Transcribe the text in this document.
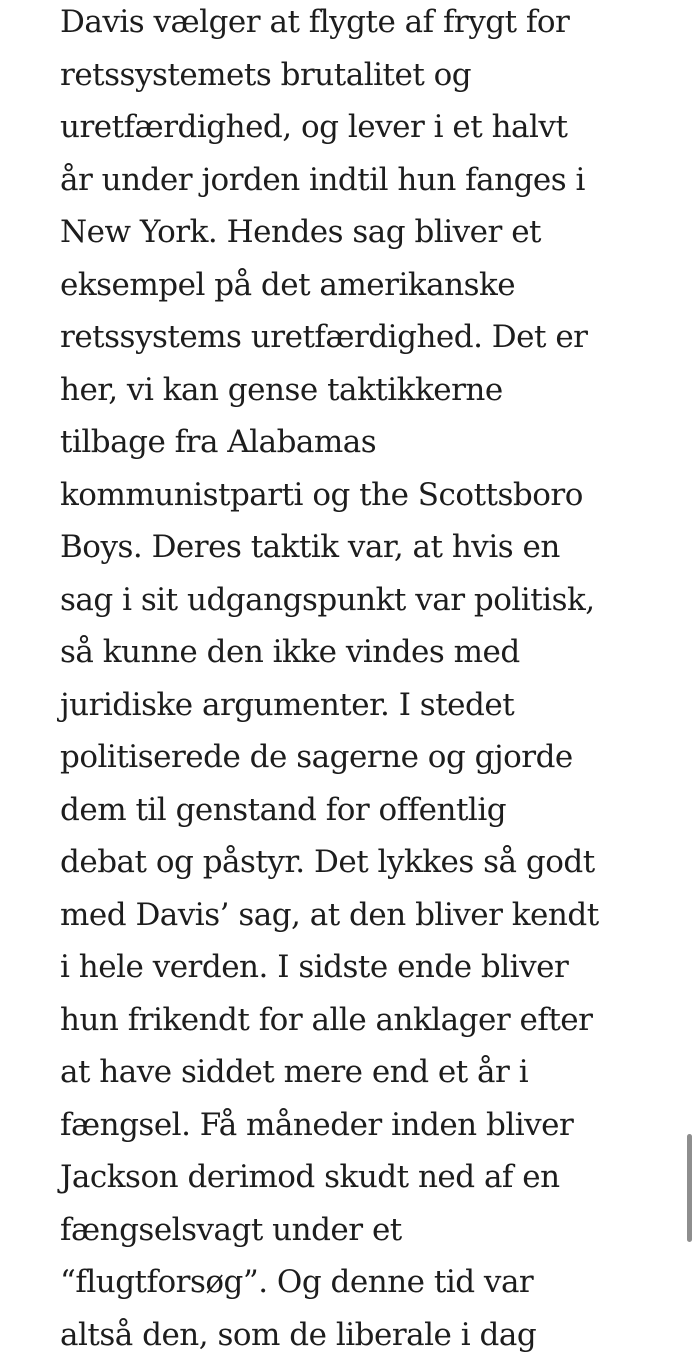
Davis vælger at flygte af frygt for
retssystemets brutalitet og
uretfærdighed, og lever i et halvt
år under jorden indtil hun fanges i
New York. Hendes sag bliver et
eksempel på det amerikanske
retssystems uretfærdighed. Det er
her, vi kan gense taktikkerne
tilbage fra Alabamas
kommunistparti og the Scottsboro
Boys. Deres taktik var, at hvis en
sag i sit udgangspunkt var politisk,
så kunne den ikke vindes med
juridiske argumenter. I stedet
politiserede de sagerne og gjorde
dem til genstand for offentlig
debat og påstyr. Det lykkes så godt
med Davis’ sag, at den bliver kendt
i hele verden. I sidste ende bliver
hun frikendt for alle anklager efter
at have siddet mere end et år i
fængsel. Få måneder inden bliver
Jackson derimod skudt ned af en
fængselsvagt under et
“flugtforsøg”. Og denne tid var
altså den, som de liberale i dag
